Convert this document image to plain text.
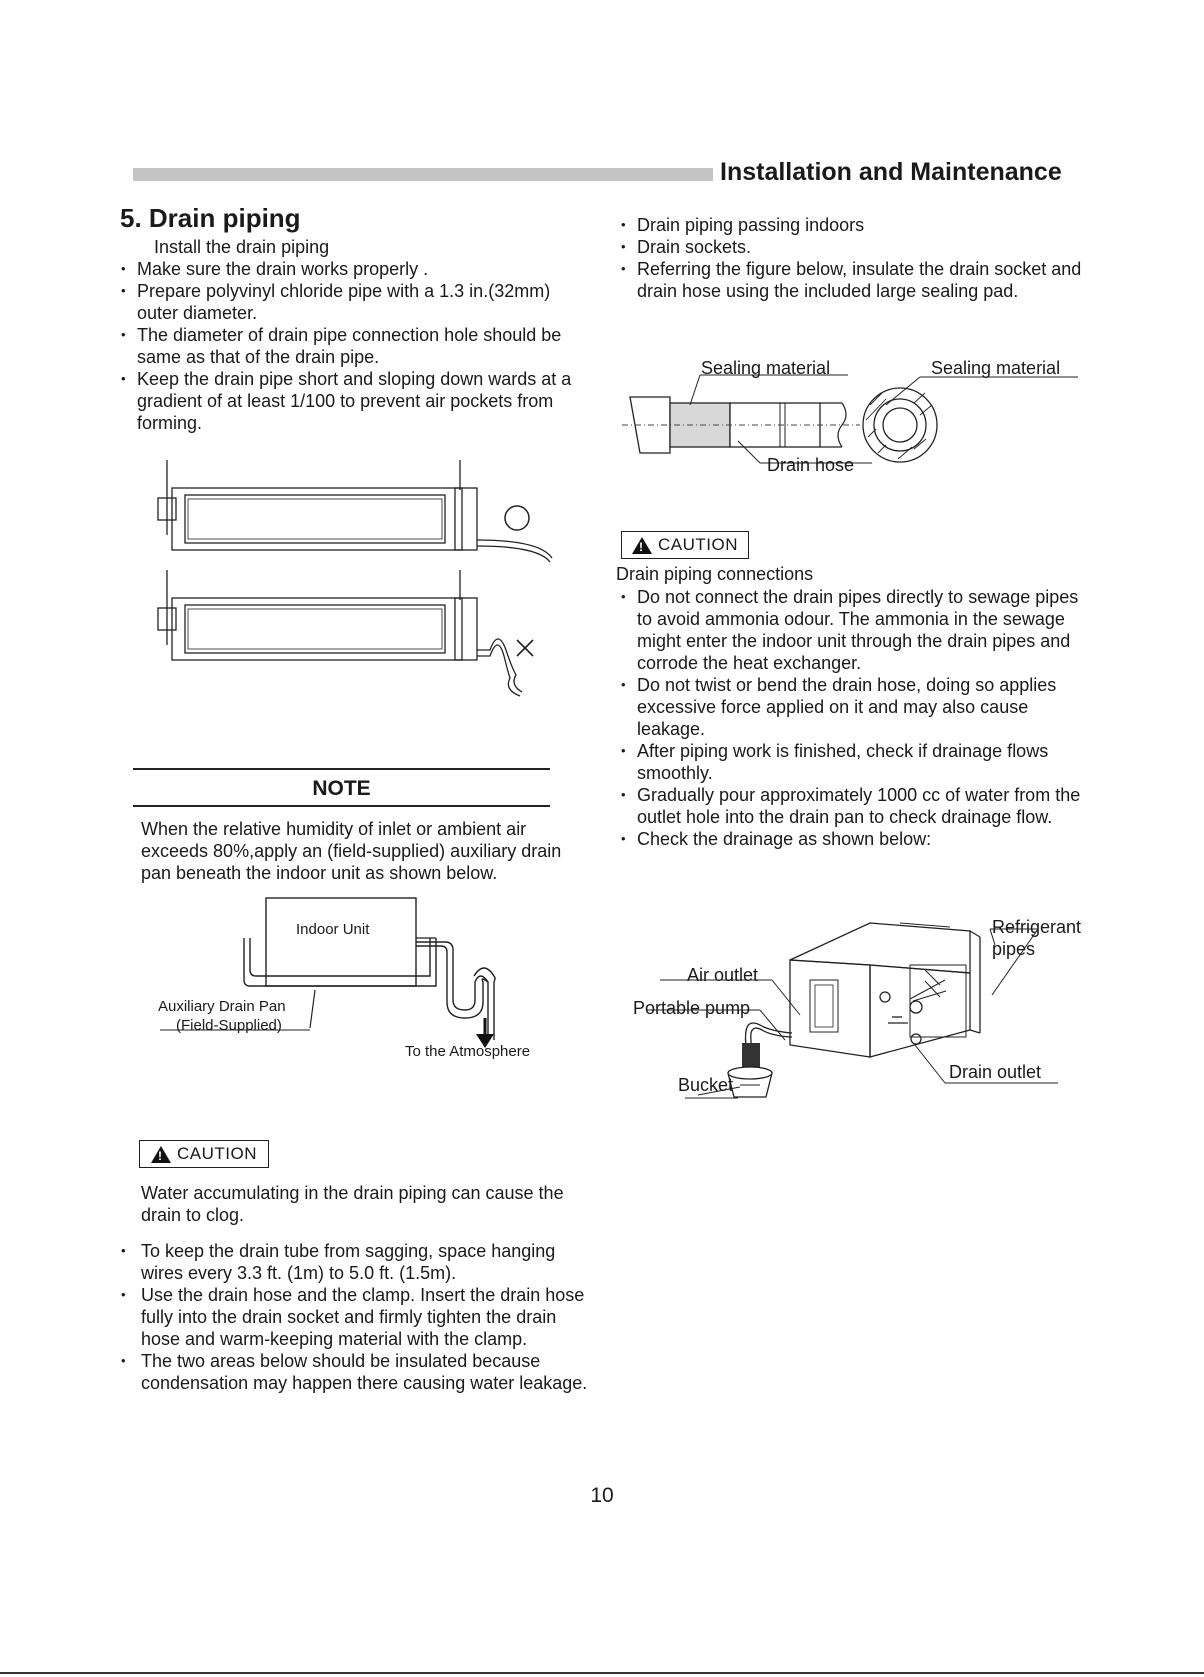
Installation and Maintenance
5. Drain piping
Install the drain piping
• Make sure the drain works properly .
• Prepare polyvinyl chloride pipe with a 1.3 in.(32mm) outer diameter.
• The diameter of drain pipe connection hole should be same as that of the drain pipe.
• Keep the drain pipe short and sloping down wards at a gradient of at least 1/100 to prevent air pockets from forming.
NOTE
When the relative humidity of inlet or ambient air exceeds 80%,apply an (field-supplied) auxiliary drain pan beneath the indoor unit as shown below.
Indoor Unit
Auxiliary Drain Pan
(Field-Supplied)
To the Atmosphere
!
CAUTION
Water accumulating in the drain piping can cause the drain to clog.
• To keep the drain tube from sagging, space hanging wires every 3.3 ft. (1m) to 5.0 ft. (1.5m).
• Use the drain hose and the clamp. Insert the drain hose fully into the drain socket and firmly tighten the drain hose and warm-keeping material with the clamp.
• The two areas below should be insulated because condensation may happen there causing water leakage.
• Drain piping passing indoors
• Drain sockets.
• Referring the figure below, insulate the drain socket and drain hose using the included large sealing pad.
Sealing material	Sealing material
Drain hose
!
CAUTION
Drain piping connections
• Do not connect the drain pipes directly to sewage pipes to avoid ammonia odour. The ammonia in the sewage might enter the indoor unit through the drain pipes and corrode the heat exchanger.
• Do not twist or bend the drain hose, doing so applies excessive force applied on it and may also cause leakage.
• After piping work is finished, check if drainage flows smoothly.
• Gradually pour approximately 1000 cc of water from the outlet hole into the drain pan to check drainage flow.
• Check the drainage as shown below:
Refrigerant
pipes
Air outlet
Portable pump
Bucket
Drain outlet
10
